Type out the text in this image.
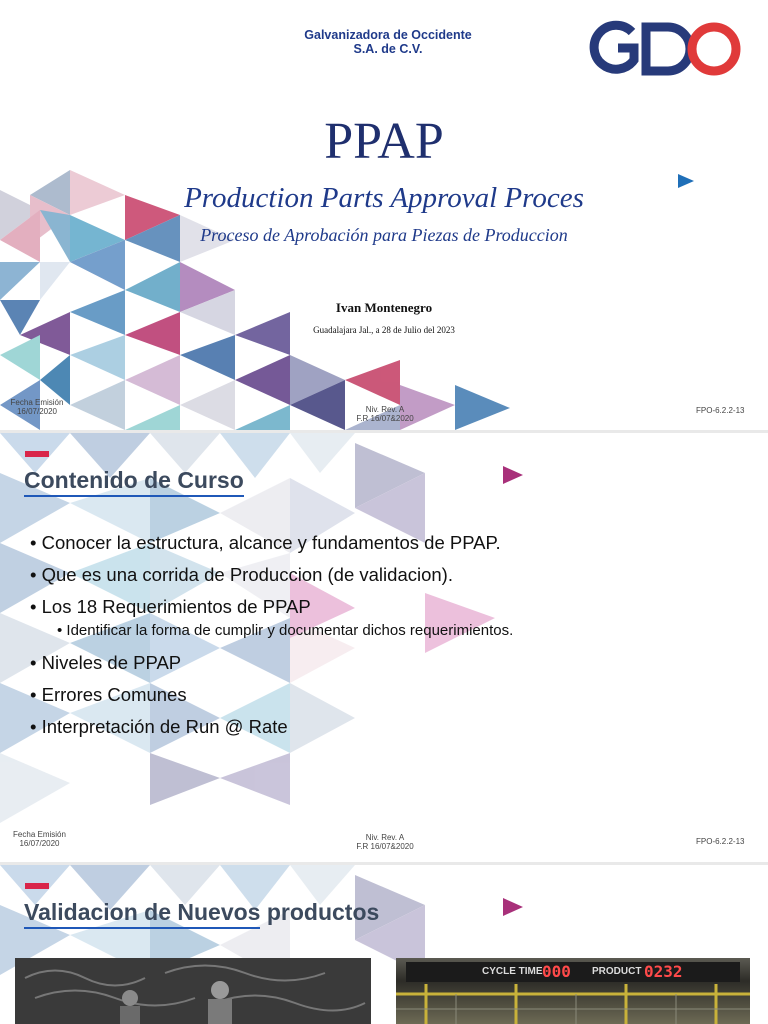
Galvanizadora de Occidente
S.A. de C.V.
PPAP
Production Parts Approval Proces
Proceso de Aprobación para Piezas de Produccion
Ivan Montenegro
Guadalajara Jal., a 28 de Julio del 2023
Fecha Emisión
16/07/2020	Niv. Rev. A
F.R 16/07&2020
FPO-6.2.2-13
Contenido de Curso
• Conocer la estructura, alcance y fundamentos de PPAP.
• Que es una corrida de Produccion (de validacion).
• Los 18 Requerimientos de PPAP
• Identificar la forma de cumplir y documentar dichos requerimientos.
• Niveles de PPAP
• Errores Comunes
• Interpretación de Run @ Rate
Fecha Emisión
16/07/2020
Niv. Rev. A
F.R 16/07&2020
FPO-6.2.2-13
Validacion de Nuevos productos
CYCLE TIME 000 PRODUCT 0232
